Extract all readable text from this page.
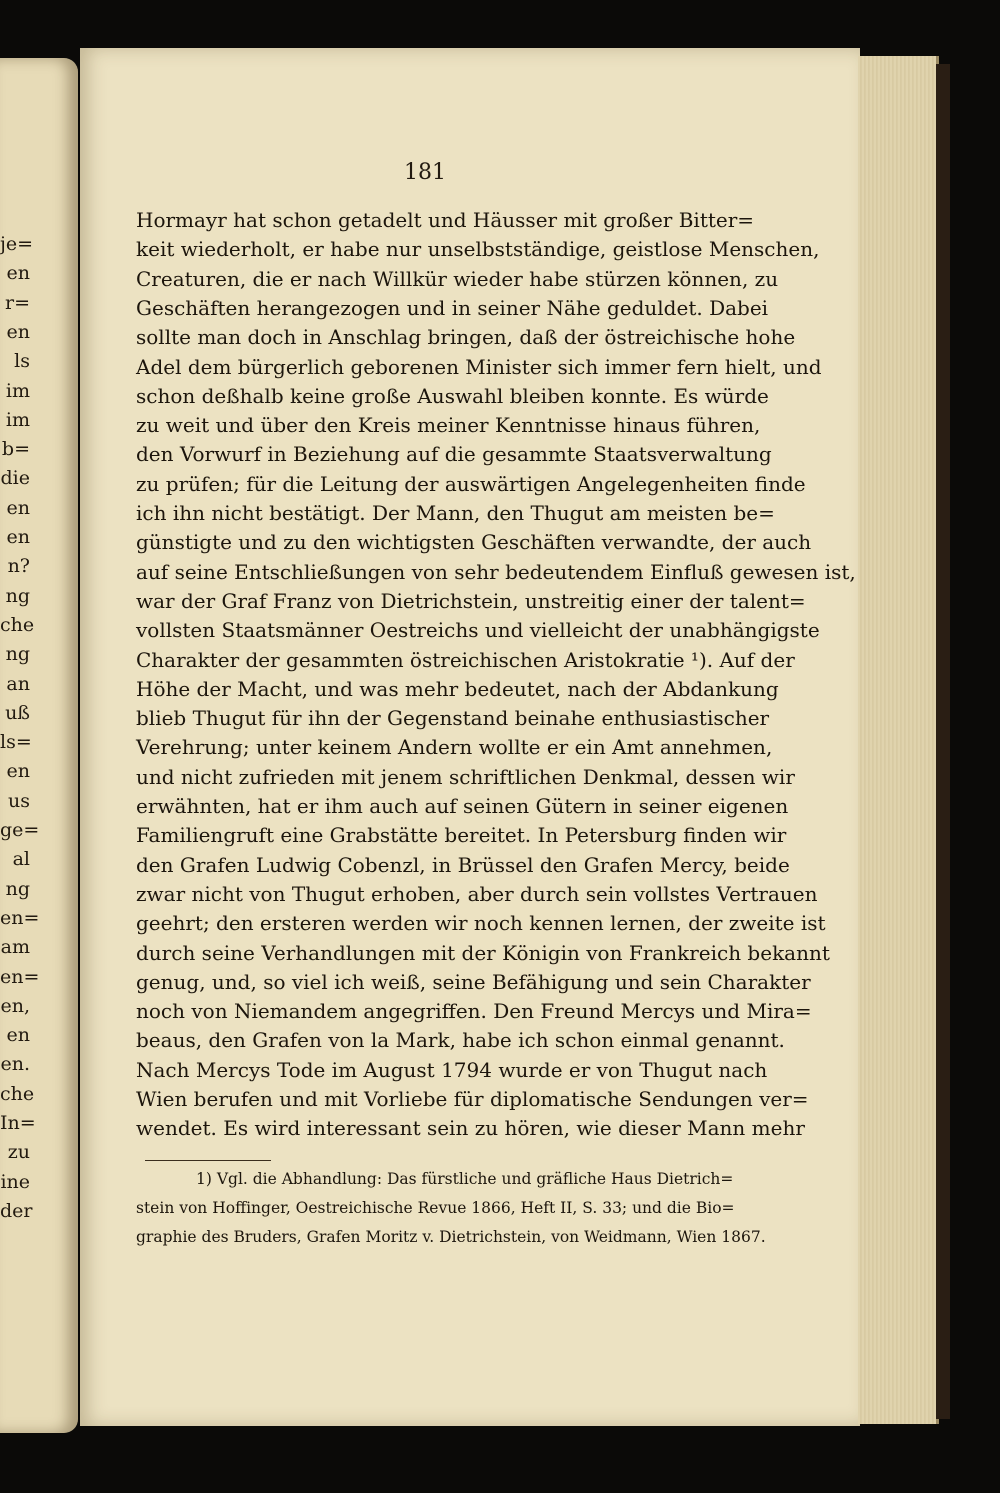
je=
en
r=
en
ls
im
im
b=
die
en
en
n?
ng
che
ng
an
uß
ls=
en
us
ge=
al
ng
en=
am
en=
en,
en
en.
che
In=
zu
ine
der
181
Hormayr hat schon getadelt und Häusser mit großer Bitter=
keit wiederholt, er habe nur unselbstständige, geistlose Menschen,
Creaturen, die er nach Willkür wieder habe stürzen können, zu
Geschäften herangezogen und in seiner Nähe geduldet. Dabei
sollte man doch in Anschlag bringen, daß der östreichische hohe
Adel dem bürgerlich geborenen Minister sich immer fern hielt, und
schon deßhalb keine große Auswahl bleiben konnte. Es würde
zu weit und über den Kreis meiner Kenntnisse hinaus führen,
den Vorwurf in Beziehung auf die gesammte Staatsverwaltung
zu prüfen; für die Leitung der auswärtigen Angelegenheiten finde
ich ihn nicht bestätigt. Der Mann, den Thugut am meisten be=
günstigte und zu den wichtigsten Geschäften verwandte, der auch
auf seine Entschließungen von sehr bedeutendem Einfluß gewesen ist,
war der Graf Franz von Dietrichstein, unstreitig einer der talent=
vollsten Staatsmänner Oestreichs und vielleicht der unabhängigste
Charakter der gesammten östreichischen Aristokratie ¹). Auf der
Höhe der Macht, und was mehr bedeutet, nach der Abdankung
blieb Thugut für ihn der Gegenstand beinahe enthusiastischer
Verehrung; unter keinem Andern wollte er ein Amt annehmen,
und nicht zufrieden mit jenem schriftlichen Denkmal, dessen wir
erwähnten, hat er ihm auch auf seinen Gütern in seiner eigenen
Familiengruft eine Grabstätte bereitet. In Petersburg finden wir
den Grafen Ludwig Cobenzl, in Brüssel den Grafen Mercy, beide
zwar nicht von Thugut erhoben, aber durch sein vollstes Vertrauen
geehrt; den ersteren werden wir noch kennen lernen, der zweite ist
durch seine Verhandlungen mit der Königin von Frankreich bekannt
genug, und, so viel ich weiß, seine Befähigung und sein Charakter
noch von Niemandem angegriffen. Den Freund Mercys und Mira=
beaus, den Grafen von la Mark, habe ich schon einmal genannt.
Nach Mercys Tode im August 1794 wurde er von Thugut nach
Wien berufen und mit Vorliebe für diplomatische Sendungen ver=
wendet. Es wird interessant sein zu hören, wie dieser Mann mehr
1) Vgl. die Abhandlung: Das fürstliche und gräfliche Haus Dietrich=
stein von Hoffinger, Oestreichische Revue 1866, Heft II, S. 33; und die Bio=
graphie des Bruders, Grafen Moritz v. Dietrichstein, von Weidmann, Wien 1867.
